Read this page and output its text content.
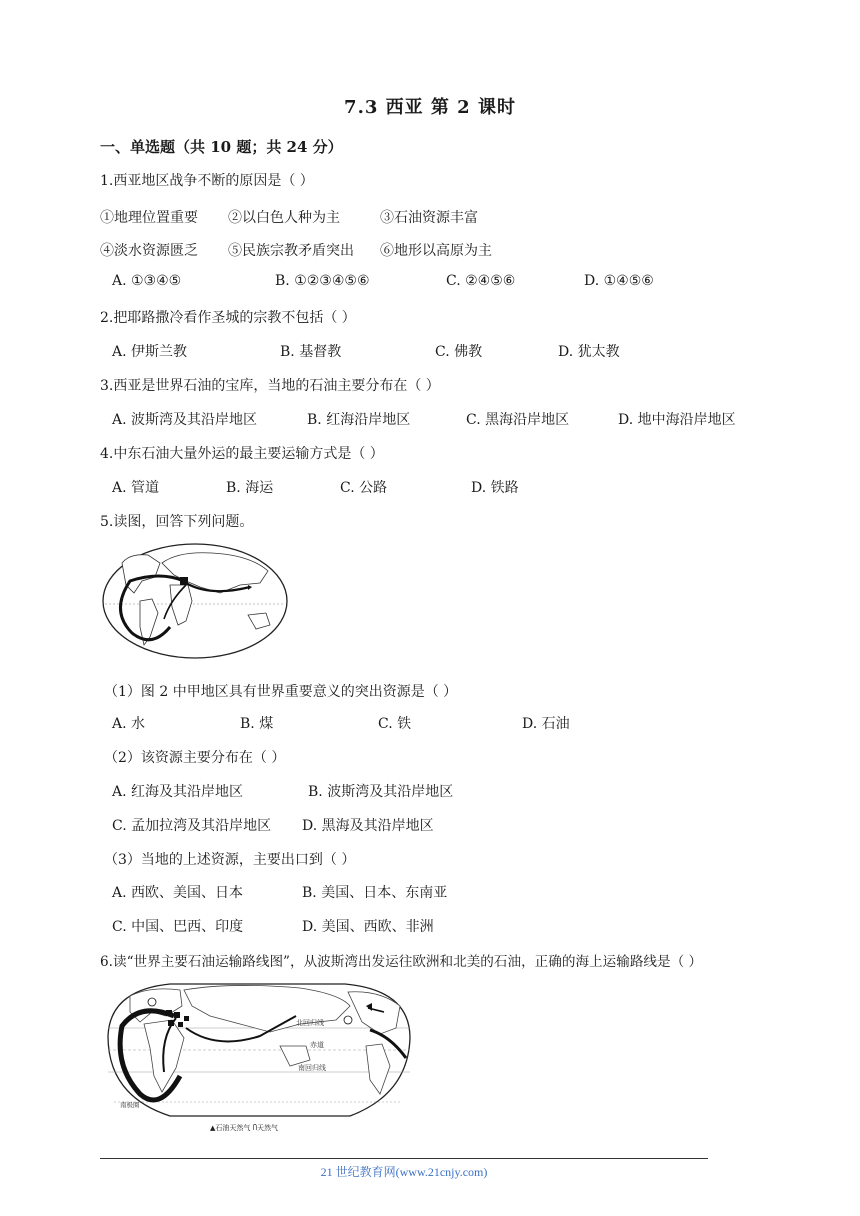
7.3 西亚 第 2 课时
一、单选题（共 10 题；共 24 分）
1.西亚地区战争不断的原因是（ ）
①地理位置重要 ②以白色人种为主	③石油资源丰富
④淡水资源匮乏 ⑤民族宗教矛盾突出 ⑥地形以高原为主
A. ①③④⑤	B. ①②③④⑤⑥	C. ②④⑤⑥	D. ①④⑤⑥
2.把耶路撒冷看作圣城的宗教不包括（ ）
A. 伊斯兰教	B. 基督教	C. 佛教	D. 犹太教
3.西亚是世界石油的宝库，当地的石油主要分布在（ ）
A. 波斯湾及其沿岸地区	B. 红海沿岸地区	C. 黑海沿岸地区	D. 地中海沿岸地区
4.中东石油大量外运的最主要运输方式是（ ）
A. 管道	B. 海运	C. 公路	D. 铁路
5.读图，回答下列问题。
（1）图 2 中甲地区具有世界重要意义的突出资源是（ ）
A. 水	B. 煤	C. 铁	D. 石油
（2）该资源主要分布在（ ）
A. 红海及其沿岸地区	B. 波斯湾及其沿岸地区
C. 孟加拉湾及其沿岸地区 D. 黑海及其沿岸地区
（3）当地的上述资源，主要出口到（ ）
A. 西欧、美国、日本	B. 美国、日本、东南亚
C. 中国、巴西、印度	D. 美国、西欧、非洲
6.读“世界主要石油运输路线图”，从波斯湾出发运往欧洲和北美的石油，正确的海上运输路线是（ ）
北回归线
赤道
南回归线
南极圈
▲石油天然气 Ⴖ天然气
21 世纪教育网(www.21cnjy.com)
